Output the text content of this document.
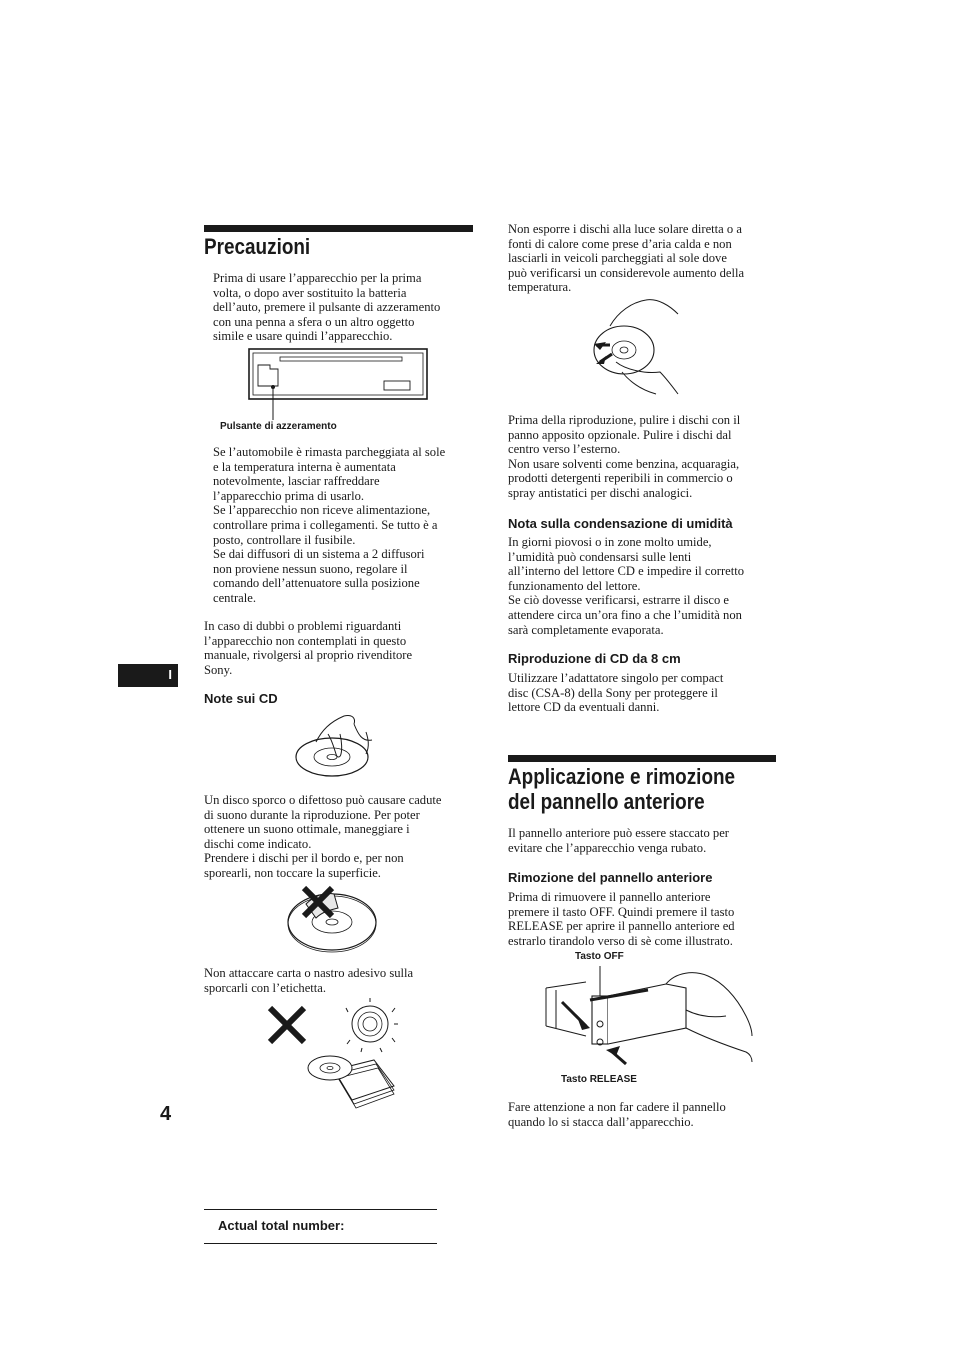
Precauzioni
Prima di usare l’apparecchio per la prima
volta, o dopo aver sostituito la batteria
dell’auto, premere il pulsante di azzeramento
con una penna a sfera o un altro oggetto
simile e usare quindi l’apparecchio.
Pulsante di azzeramento
Se l’automobile è rimasta parcheggiata al sole
e la temperatura interna è aumentata
notevolmente, lasciar raffreddare
l’apparecchio prima di usarlo.
Se l’apparecchio non riceve alimentazione,
controllare prima i collegamenti. Se tutto è a
posto, controllare il fusibile.
Se dai diffusori di un sistema a 2 diffusori
non proviene nessun suono, regolare il
comando dell’attenuatore sulla posizione
centrale.
In caso di dubbi o problemi riguardanti
l’apparecchio non contemplati in questo
manuale, rivolgersi al proprio rivenditore
Sony.
Note sui CD
Un disco sporco o difettoso può causare cadute
di suono durante la riproduzione. Per poter
ottenere un suono ottimale, maneggiare i
dischi come indicato.
Prendere i dischi per il bordo e, per non
sporearli, non toccare la superficie.
Non attaccare carta o nastro adesivo sulla
sporcarli con l’etichetta.
I
4
Non esporre i dischi alla luce solare diretta o a
fonti di calore come prese d’aria calda e non
lasciarli in veicoli parcheggiati al sole dove
può verificarsi un considerevole aumento della
temperatura.
Prima della riproduzione, pulire i dischi con il
panno apposito opzionale. Pulire i dischi dal
centro verso l’esterno.
Non usare solventi come benzina, acquaragia,
prodotti detergenti reperibili in commercio o
spray antistatici per dischi analogici.
Nota sulla condensazione di umidità
In giorni piovosi o in zone molto umide,
l’umidità può condensarsi sulle lenti
all’interno del lettore CD e impedire il corretto
funzionamento del lettore.
Se ciò dovesse verificarsi, estrarre il disco e
attendere circa un’ora fino a che l’umidità non
sarà completamente evaporata.
Riproduzione di CD da 8 cm
Utilizzare l’adattatore singolo per compact
disc (CSA-8) della Sony per proteggere il
lettore CD da eventuali danni.
Applicazione e rimozione
del pannello anteriore
Il pannello anteriore può essere staccato per
evitare che l’apparecchio venga rubato.
Rimozione del pannello anteriore
Prima di rimuovere il pannello anteriore
premere il tasto OFF. Quindi premere il tasto
RELEASE per aprire il pannello anteriore ed
estrarlo tirandolo verso di sè come illustrato.
Tasto OFF
Tasto RELEASE
Fare attenzione a non far cadere il pannello
quando lo si stacca dall’apparecchio.
Actual total number:
